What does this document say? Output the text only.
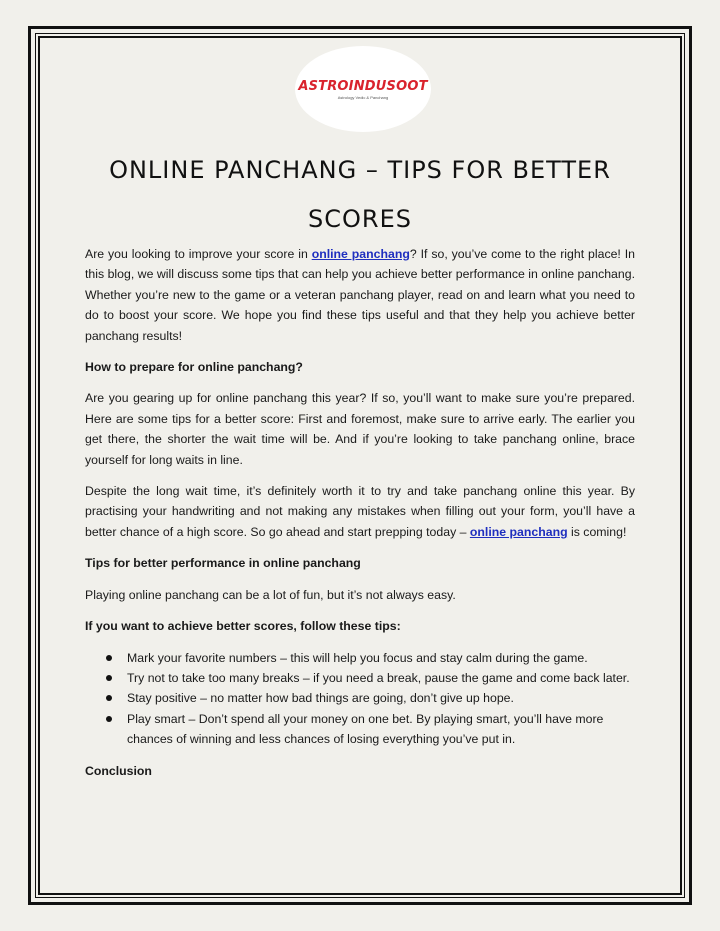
ASTROINDUSOOT
Astrology Vedic & Panchang
ONLINE PANCHANG – TIPS FOR BETTER SCORES

Are you looking to improve your score in online panchang? If so, you’ve come to the right place! In this blog, we will discuss some tips that can help you achieve better performance in online panchang. Whether you’re new to the game or a veteran panchang player, read on and learn what you need to do to boost your score. We hope you find these tips useful and that they help you achieve better panchang results!

How to prepare for online panchang?

Are you gearing up for online panchang this year? If so, you’ll want to make sure you’re prepared. Here are some tips for a better score: First and foremost, make sure to arrive early. The earlier you get there, the shorter the wait time will be. And if you’re looking to take panchang online, brace yourself for long waits in line.

Despite the long wait time, it’s definitely worth it to try and take panchang online this year. By practising your handwriting and not making any mistakes when filling out your form, you’ll have a better chance of a high score. So go ahead and start prepping today – online panchang is coming!

Tips for better performance in online panchang

Playing online panchang can be a lot of fun, but it’s not always easy.

If you want to achieve better scores, follow these tips:

Mark your favorite numbers – this will help you focus and stay calm during the game.
Try not to take too many breaks – if you need a break, pause the game and come back later.
Stay positive – no matter how bad things are going, don’t give up hope.
Play smart – Don’t spend all your money on one bet. By playing smart, you’ll have more chances of winning and less chances of losing everything you’ve put in.

Conclusion
